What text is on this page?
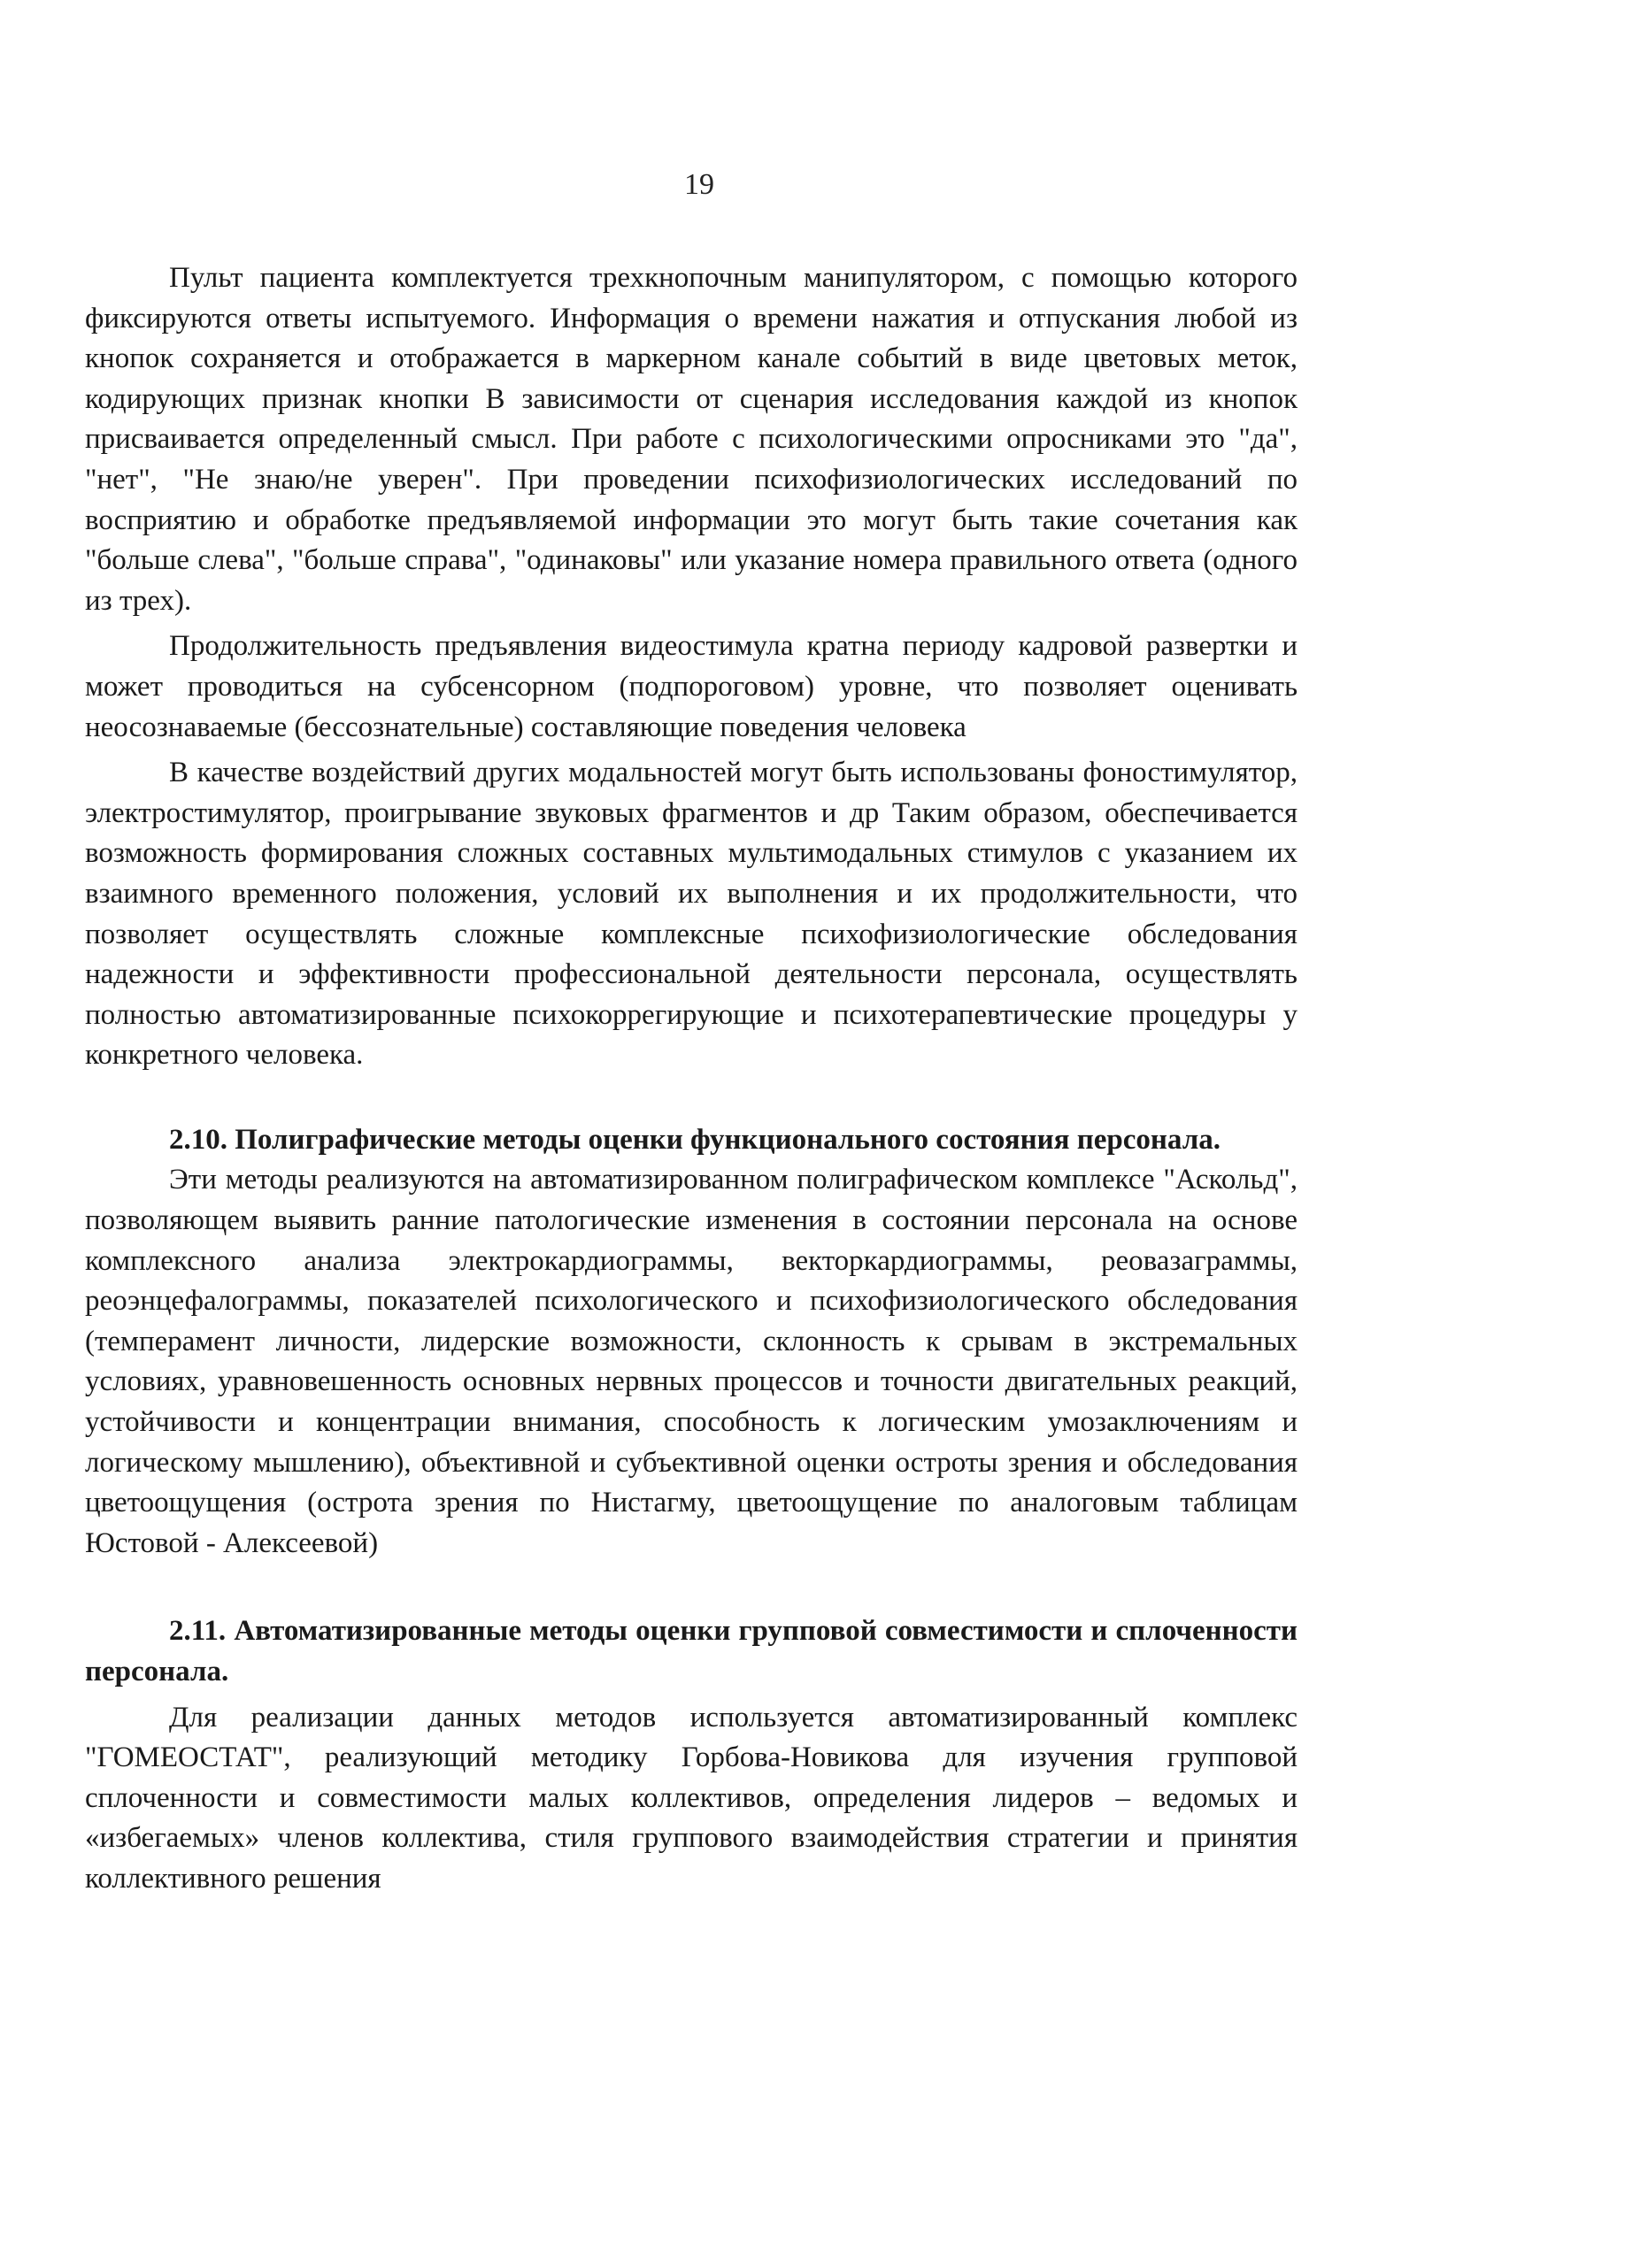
19

Пульт пациента комплектуется трехкнопочным манипулятором, с помощью которого фиксируются ответы испытуемого. Информация о времени нажатия и отпускания любой из кнопок сохраняется и отображается в маркерном канале событий в виде цветовых меток, кодирующих признак кнопки В зависимости от сценария исследования каждой из кнопок присваивается определенный смысл. При работе с психологическими опросниками это "да", "нет", "Не знаю/не уверен". При проведении психофизиологических исследований по восприятию и обработке предъявляемой информации это могут быть такие сочетания как "больше слева", "больше справа", "одинаковы" или указание номера правильного ответа (одного из трех).

Продолжительность предъявления видеостимула кратна периоду кадровой развертки и может проводиться на субсенсорном (подпороговом) уровне, что позволяет оценивать неосознаваемые (бессознательные) составляющие поведения человека

В качестве воздействий других модальностей могут быть использованы фоностимулятор, электростимулятор, проигрывание звуковых фрагментов и др Таким образом, обеспечивается возможность формирования сложных составных мультимодальных стимулов с указанием их взаимного временного положения, условий их выполнения и их продолжительности, что позволяет осуществлять сложные комплексные психофизиологические обследования надежности и эффективности профессиональной деятельности персонала, осуществлять полностью автоматизированные психокоррегирующие и психотерапевтические процедуры у конкретного человека.

2.10. Полиграфические методы оценки функционального состояния персонала.

Эти методы реализуются на автоматизированном полиграфическом комплексе "Аскольд", позволяющем выявить ранние патологические изменения в состоянии персонала на основе комплексного анализа электрокардиограммы, векторкардиограммы, реовазаграммы, реоэнцефалограммы, показателей психологического и психофизиологического обследования (темперамент личности, лидерские возможности, склонность к срывам в экстремальных условиях, уравновешенность основных нервных процессов и точности двигательных реакций, устойчивости и концентрации внимания, способность к логическим умозаключениям и логическому мышлению), объективной и субъективной оценки остроты зрения и обследования цветоощущения (острота зрения по Нистагму, цветоощущение по аналоговым таблицам Юстовой - Алексеевой)

2.11. Автоматизированные методы оценки групповой совместимости и сплоченности персонала.

Для реализации данных методов используется автоматизированный комплекс "ГОМЕОСТАТ", реализующий методику Горбова-Новикова для изучения групповой сплоченности и совместимости малых коллективов, определения лидеров – ведомых и «избегаемых» членов коллектива, стиля группового взаимодействия стратегии и принятия коллективного решения
